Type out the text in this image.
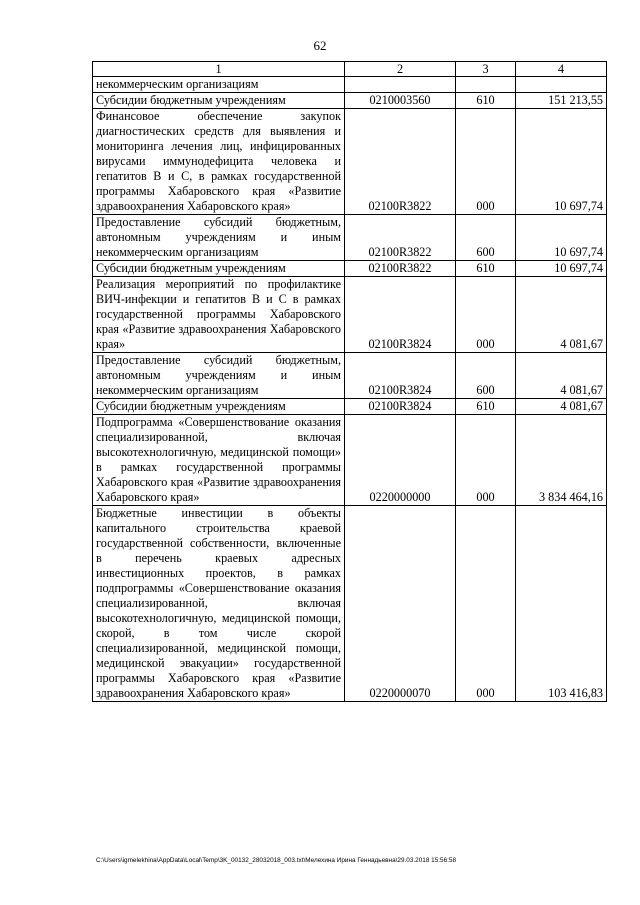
62
1	2	3	4
некоммерческим организациям			
Субсидии бюджетным учреждениям	0210003560	610	151 213,55
Финансовое обеспечение закупок диагностических средств для выявления и мониторинга лечения лиц, инфицированных вирусами иммунодефицита человека и гепатитов В и С, в рамках государственной программы Хабаровского края «Развитие здравоохранения Хабаровского края»	02100R3822	000	10 697,74
Предоставление субсидий бюджетным, автономным учреждениям и иным некоммерческим организациям	02100R3822	600	10 697,74
Субсидии бюджетным учреждениям	02100R3822	610	10 697,74
Реализация мероприятий по профилактике ВИЧ-инфекции и гепатитов В и С в рамках государственной программы Хабаровского края «Развитие здравоохранения Хабаровского края»	02100R3824	000	4 081,67
Предоставление субсидий бюджетным, автономным учреждениям и иным некоммерческим организациям	02100R3824	600	4 081,67
Субсидии бюджетным учреждениям	02100R3824	610	4 081,67
Подпрограмма «Совершенствование оказания специализированной, включая высокотехнологичную, медицинской помощи» в рамках государственной программы Хабаровского края «Развитие здравоохранения Хабаровского края»	0220000000	000	3 834 464,16
Бюджетные инвестиции в объекты капитального строительства краевой государственной собственности, включенные в перечень краевых адресных инвестиционных проектов, в рамках подпрограммы «Совершенствование оказания специализированной, включая высокотехнологичную, медицинской помощи, скорой, в том числе скорой специализированной, медицинской помощи, медицинской эвакуации» государственной программы Хабаровского края «Развитие здравоохранения Хабаровского края»	0220000070	000	103 416,83
C:\Users\igmelekhina\AppData\Local\Temp\3K_00132_28032018_003.txt\Мелехина Ирина Геннадьевна\29.03.2018 15:56:58
